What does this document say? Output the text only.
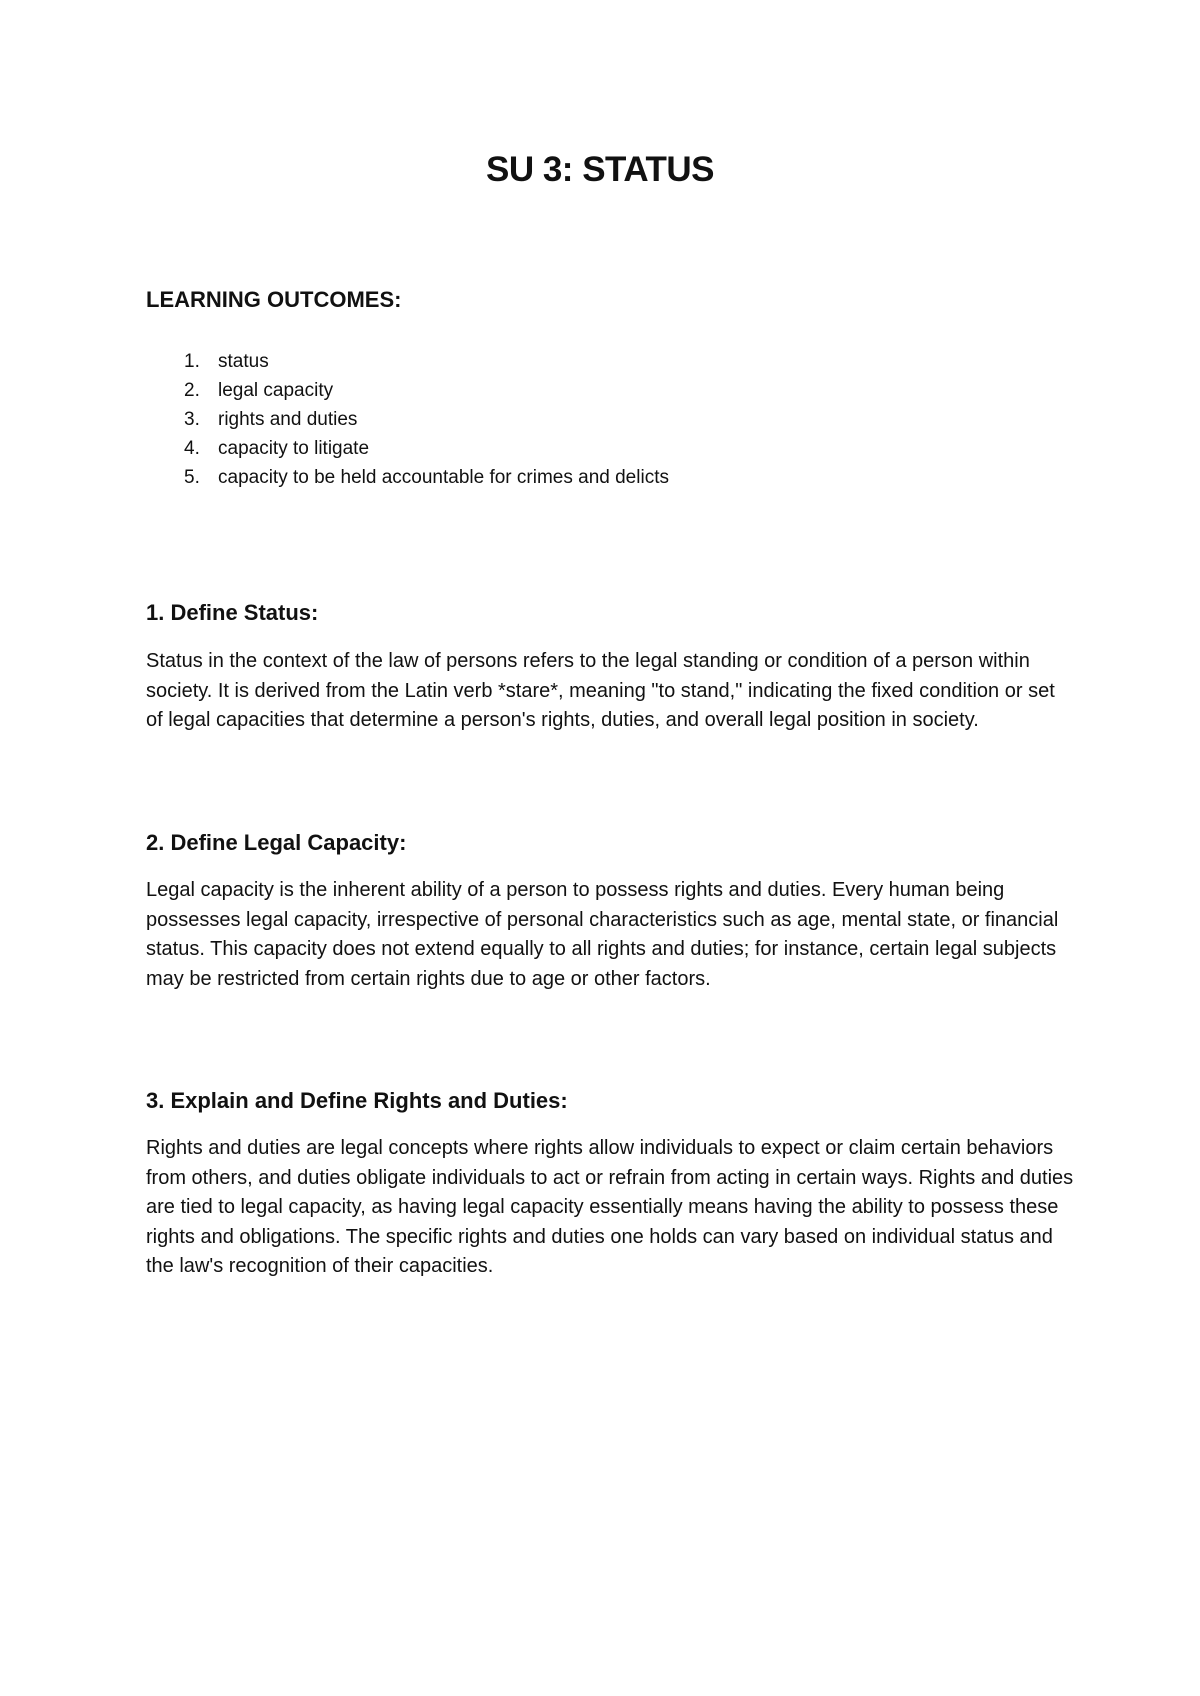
SU 3: STATUS
LEARNING OUTCOMES:
1. status
2. legal capacity
3. rights and duties
4. capacity to litigate
5. capacity to be held accountable for crimes and delicts
1. Define Status:

Status in the context of the law of persons refers to the legal standing or condition of a person within society. It is derived from the Latin verb *stare*, meaning "to stand," indicating the fixed condition or set of legal capacities that determine a person's rights, duties, and overall legal position in society.

2. Define Legal Capacity:

Legal capacity is the inherent ability of a person to possess rights and duties. Every human being possesses legal capacity, irrespective of personal characteristics such as age, mental state, or financial status. This capacity does not extend equally to all rights and duties; for instance, certain legal subjects may be restricted from certain rights due to age or other factors.

3. Explain and Define Rights and Duties:

Rights and duties are legal concepts where rights allow individuals to expect or claim certain behaviors from others, and duties obligate individuals to act or refrain from acting in certain ways. Rights and duties are tied to legal capacity, as having legal capacity essentially means having the ability to possess these rights and obligations. The specific rights and duties one holds can vary based on individual status and the law's recognition of their capacities.
